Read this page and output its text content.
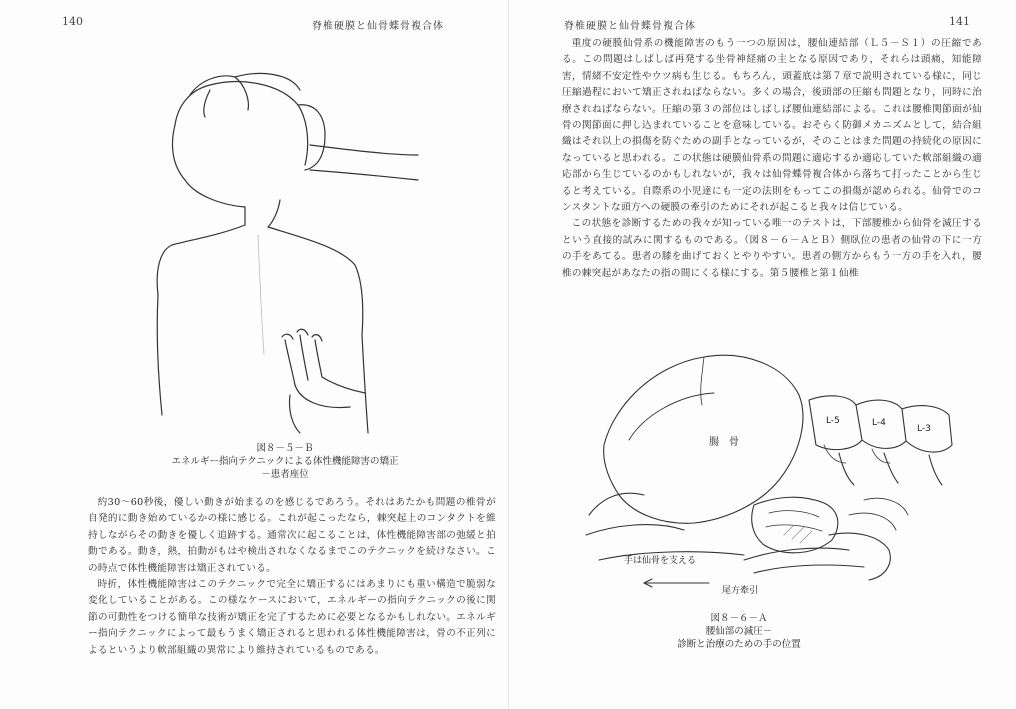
140	脊椎硬膜と仙骨蝶骨複合体
図８－５－Ｂ
エネルギー指向テクニックによる体性機能障害の矯正
－患者座位

約30～60秒後，優しい動きが始まるのを感じるであろう。それはあたかも問題の椎骨が自発的に動き始めているかの様に感じる。これが起こったなら，棘突起上のコンタクトを維持しながらその動きを優しく追跡する。通常次に起こることは，体性機能障害部の弛緩と拍動である。動き，熱，拍動がもはや検出されなくなるまでこのテクニックを続けなさい。この時点で体性機能障害は矯正されている。

時折，体性機能障害はこのテクニックで完全に矯正するにはあまりにも重い構造で脆弱な変化していることがある。この様なケースにおいて，エネルギーの指向テクニックの後に関節の可動性をつける簡単な技術が矯正を完了するために必要となるかもしれない。エネルギー指向テクニックによって最もうまく矯正されると思われる体性機能障害は，骨の不正列によるというより軟部組織の異常により維持されているものである。

脊椎硬膜と仙骨蝶骨複合体	141

重度の硬膜仙骨系の機能障害のもう一つの原因は，腰仙連結部（Ｌ５－Ｓ１）の圧縮である。この問題はしばしば再発する坐骨神経痛の主となる原因であり，それらは頭痛，知能障害，情緒不安定性やウツ病も生じる。もちろん，頭蓋底は第７章で説明されている様に，同じ圧縮過程において矯正されねばならない。多くの場合，後頭部の圧縮も問題となり，同時に治療されねばならない。圧縮の第３の部位はしばしば腰仙連結部による。これは腰椎関節面が仙骨の関節面に押し込まれていることを意味している。おそらく防御メカニズムとして，結合組織はそれ以上の損傷を防ぐための副手となっているが，そのことはまた問題の持続化の原因になっていると思われる。この状態は硬膜仙骨系の問題に適応するか適応していた軟部組織の適応部から生じているのかもしれないが，我々は仙骨蝶骨複合体から落ちて打ったことから生じると考えている。自際系の小児達にも一定の法則をもってこの損傷が認められる。仙骨でのコンスタントな頭方への硬膜の牽引のためにそれが起こると我々は信じている。

この状態を診断するための我々が知っている唯一のテストは，下部腰椎から仙骨を減圧するという直接的試みに関するものである。（図８－６－ＡとＢ）側臥位の患者の仙骨の下に一方の手をあてる。患者の膝を曲げておくとやりやすい。患者の側方からもう一方の手を入れ，腰椎の棘突起があなたの指の間にくる様にする。第５腰椎と第１仙椎

腸　骨
L-5	L-4
L-3
手は仙骨を支える
尾方牽引
図８－６－Ａ
腰仙部の減圧－
診断と治療のための手の位置
